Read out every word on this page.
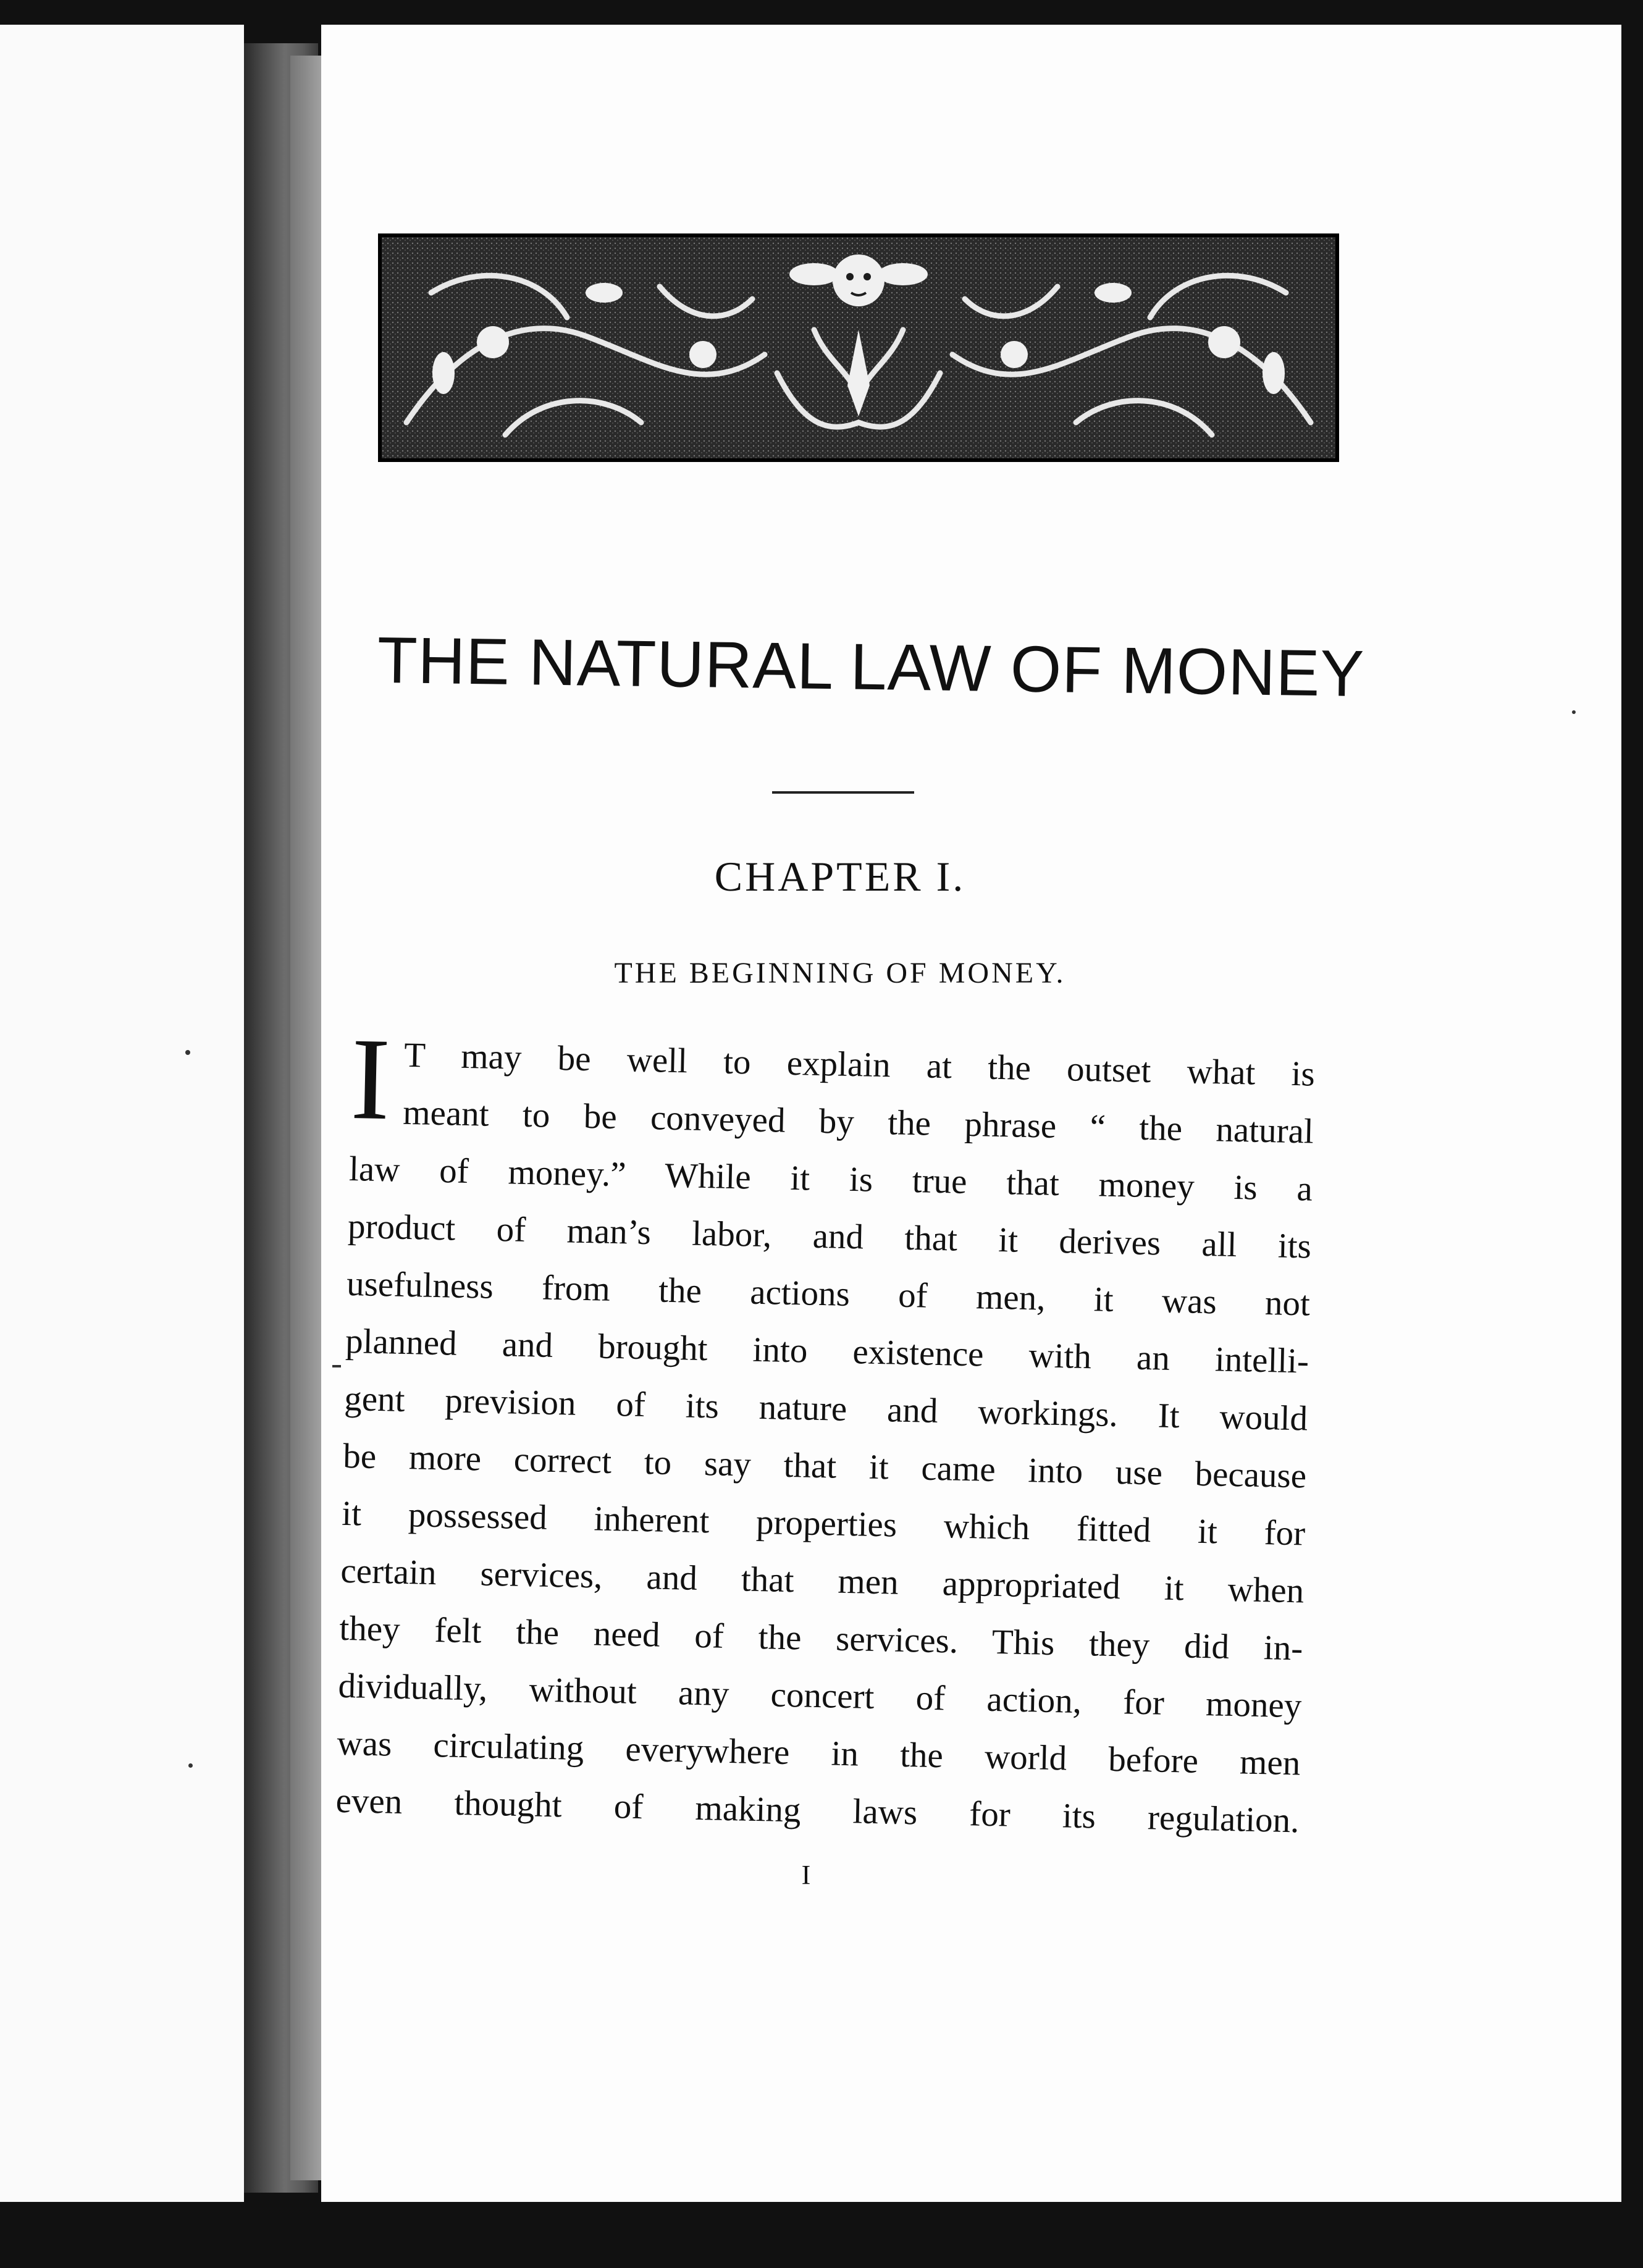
THE NATURAL LAW OF MONEY
CHAPTER I.
THE BEGINNING OF MONEY.
I T may be well to explain at the outset what is
meant to be conveyed by the phrase “ the natural
law of money.” While it is true that money is a
product of man’s labor, and that it derives all its
usefulness from the actions of men, it was not
planned and brought into existence with an intelli-
gent prevision of its nature and workings. It would
be more correct to say that it came into use because
it possessed inherent properties which fitted it for
certain services, and that men appropriated it when
they felt the need of the services. This they did in-
dividually, without any concert of action, for money
was circulating everywhere in the world before men
even thought of making laws for its regulation.
I
